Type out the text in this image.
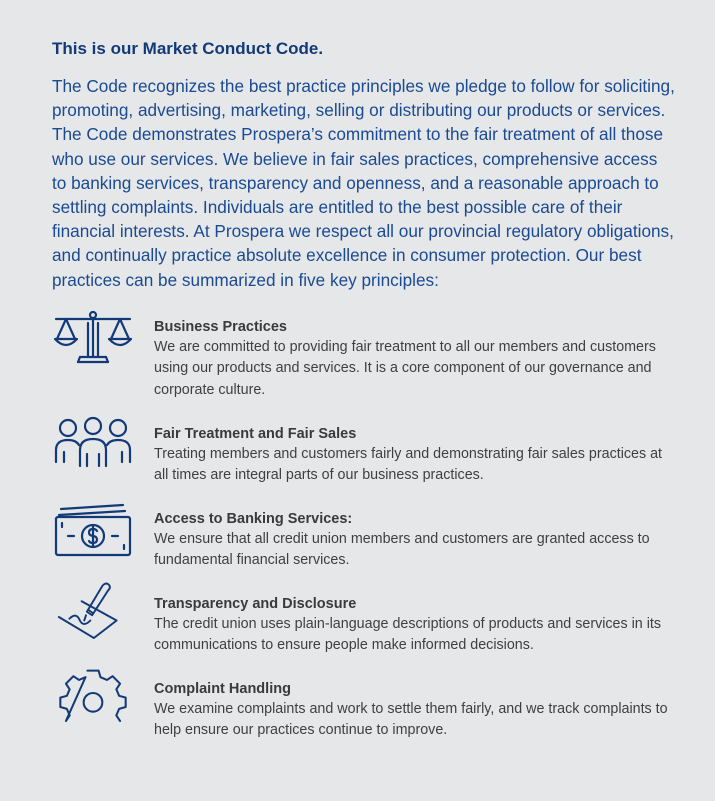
This is our Market Conduct Code.

The Code recognizes the best practice principles we pledge to follow for soliciting, promoting, advertising, marketing, selling or distributing our products or services. The Code demonstrates Prospera’s commitment to the fair treatment of all those who use our services. We believe in fair sales practices, comprehensive access to banking services, transparency and openness, and a reasonable approach to settling complaints. Individuals are entitled to the best possible care of their financial interests. At Prospera we respect all our provincial regulatory obligations, and continually practice absolute excellence in consumer protection. Our best practices can be summarized in five key principles:

Business Practices

We are committed to providing fair treatment to all our members and customers using our products and services. It is a core component of our governance and corporate culture.

Fair Treatment and Fair Sales

Treating members and customers fairly and demonstrating fair sales practices at all times are integral parts of our business practices.

Access to Banking Services:

We ensure that all credit union members and customers are granted access to fundamental financial services.

Transparency and Disclosure

The credit union uses plain-language descriptions of products and services in its communications to ensure people make informed decisions.

Complaint Handling

We examine complaints and work to settle them fairly, and we track complaints to help ensure our practices continue to improve.
